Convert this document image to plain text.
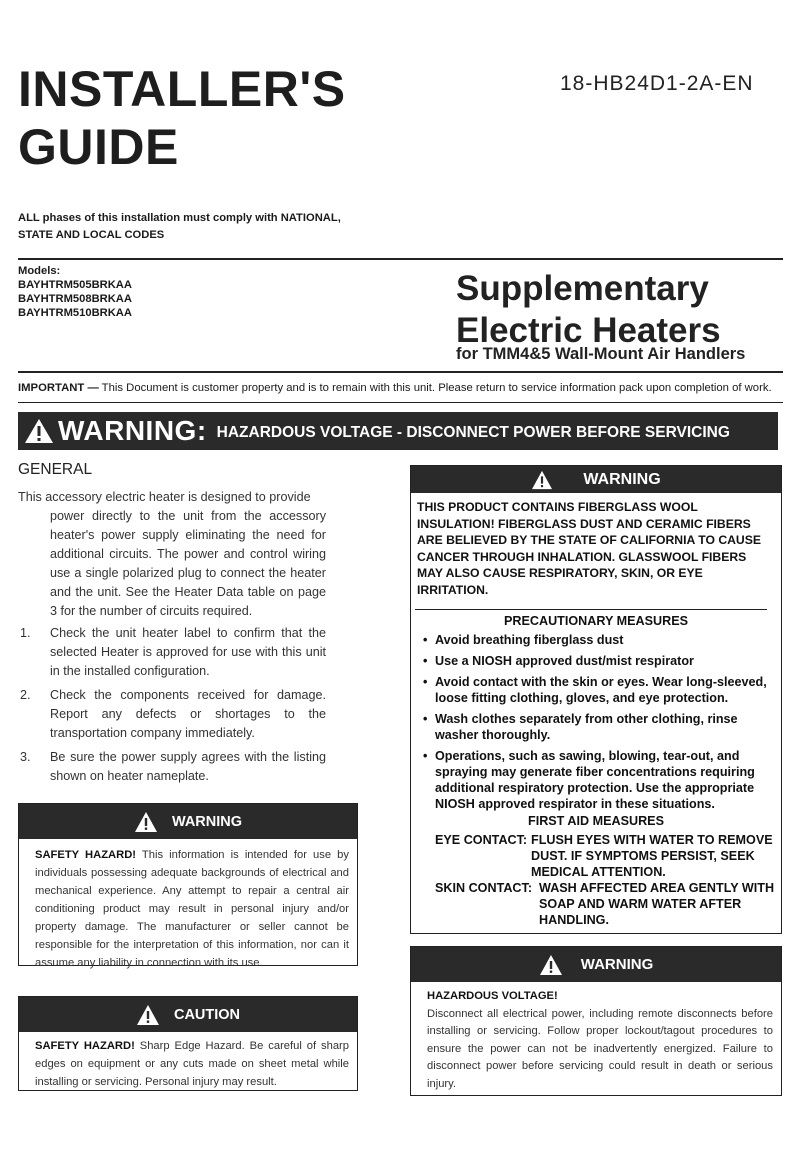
INSTALLER'S
GUIDE
18-HB24D1-2A-EN
ALL phases of this installation must comply with NATIONAL,
STATE AND LOCAL CODES
Models:
BAYHTRM505BRKAA
BAYHTRM508BRKAA
BAYHTRM510BRKAA
Supplementary
Electric Heaters
for TMM4&5 Wall-Mount Air Handlers
IMPORTANT — This Document is customer property and is to remain with this unit. Please return to service information pack upon completion of work.
WARNING: HAZARDOUS VOLTAGE - DISCONNECT POWER BEFORE SERVICING
GENERAL
This accessory electric heater is designed to provide
power directly to the unit from the accessory heater's power supply eliminating the need for additional circuits. The power and control wiring use a single polarized plug to connect the heater and the unit. See the Heater Data table on page 3 for the number of circuits required.
1.	Check the unit heater label to confirm that the selected Heater is approved for use with this unit in the installed configuration.
2.	Check the components received for damage. Report any defects or shortages to the transportation company immediately.
3.	Be sure the power supply agrees with the listing shown on heater nameplate.
WARNING
SAFETY HAZARD! This information is intended for use by individuals possessing adequate backgrounds of electrical and mechanical experience. Any attempt to repair a central air conditioning product may result in personal injury and/or property damage. The manufacturer or seller cannot be responsible for the interpretation of this information, nor can it assume any liability in connection with its use.
CAUTION
SAFETY HAZARD! Sharp Edge Hazard. Be careful of sharp edges on equipment or any cuts made on sheet metal while installing or servicing. Personal injury may result.
WARNING
THIS PRODUCT CONTAINS FIBERGLASS WOOL INSULATION! FIBERGLASS DUST AND CERAMIC FIBERS ARE BELIEVED BY THE STATE OF CALIFORNIA TO CAUSE CANCER THROUGH INHALATION. GLASSWOOL FIBERS MAY ALSO CAUSE RESPIRATORY, SKIN, OR EYE IRRITATION.
PRECAUTIONARY MEASURES
• Avoid breathing fiberglass dust
• Use a NIOSH approved dust/mist respirator
• Avoid contact with the skin or eyes. Wear long-sleeved, loose fitting clothing, gloves, and eye protection.
• Wash clothes separately from other clothing, rinse washer thoroughly.
• Operations, such as sawing, blowing, tear-out, and spraying may generate fiber concentrations requiring additional respiratory protection. Use the appropriate NIOSH approved respirator in these situations.
FIRST AID MEASURES
EYE CONTACT: FLUSH EYES WITH WATER TO REMOVE DUST. IF SYMPTOMS PERSIST, SEEK MEDICAL ATTENTION.
SKIN CONTACT: WASH AFFECTED AREA GENTLY WITH SOAP AND WARM WATER AFTER HANDLING.
WARNING
HAZARDOUS VOLTAGE!
Disconnect all electrical power, including remote disconnects before installing or servicing. Follow proper lockout/tagout procedures to ensure the power can not be inadvertently energized. Failure to disconnect power before servicing could result in death or serious injury.
